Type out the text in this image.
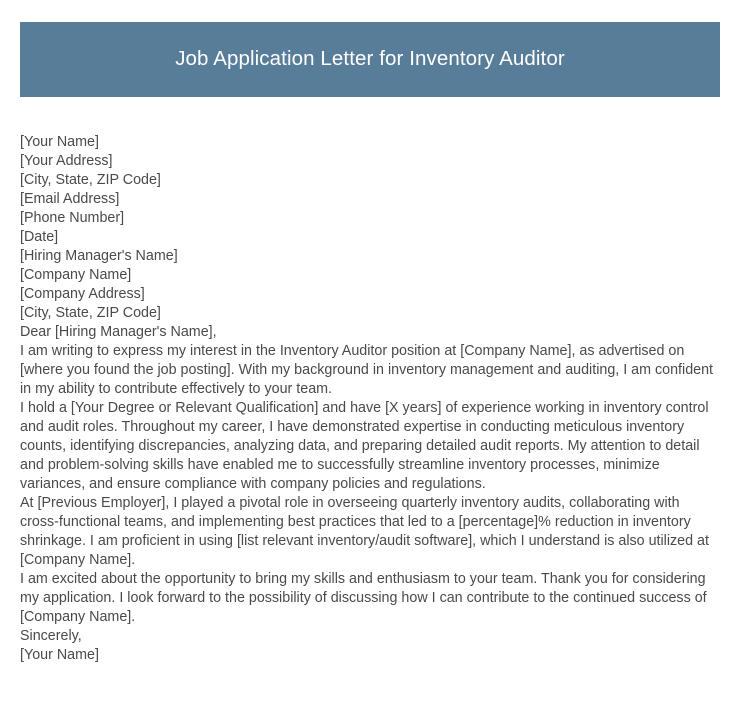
Job Application Letter for Inventory Auditor
[Your Name]
[Your Address]
[City, State, ZIP Code]
[Email Address]
[Phone Number]
[Date]
[Hiring Manager's Name]
[Company Name]
[Company Address]
[City, State, ZIP Code]
Dear [Hiring Manager's Name],

I am writing to express my interest in the Inventory Auditor position at [Company Name], as advertised on [where you found the job posting]. With my background in inventory management and auditing, I am confident in my ability to contribute effectively to your team.

I hold a [Your Degree or Relevant Qualification] and have [X years] of experience working in inventory control and audit roles. Throughout my career, I have demonstrated expertise in conducting meticulous inventory counts, identifying discrepancies, analyzing data, and preparing detailed audit reports. My attention to detail and problem-solving skills have enabled me to successfully streamline inventory processes, minimize variances, and ensure compliance with company policies and regulations.

At [Previous Employer], I played a pivotal role in overseeing quarterly inventory audits, collaborating with cross-functional teams, and implementing best practices that led to a [percentage]% reduction in inventory shrinkage. I am proficient in using [list relevant inventory/audit software], which I understand is also utilized at [Company Name].

I am excited about the opportunity to bring my skills and enthusiasm to your team. Thank you for considering my application. I look forward to the possibility of discussing how I can contribute to the continued success of [Company Name].

Sincerely,
[Your Name]
